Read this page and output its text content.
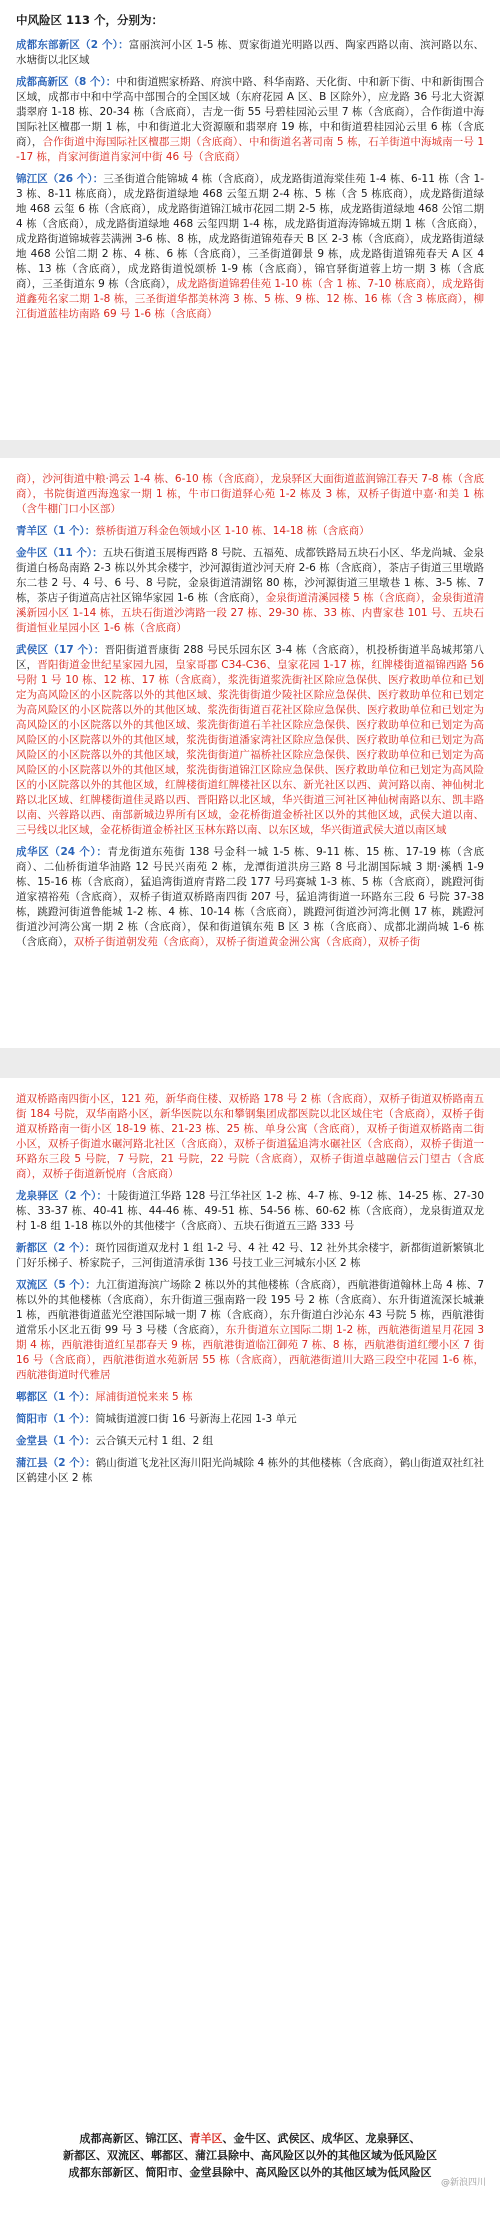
中风险区 113 个，分别为：

成都东部新区（2 个）：富丽滨河小区 1-5 栋、贾家街道光明路以西、陶家西路以南、滨河路以东、水塘街以北区域

成都高新区（8 个）：中和街道熙家桥路、府滨中路、科华南路、天化街、中和新下街、中和新街围合区域，成都市中和中学高中部围合的全国区域（东府花园 A 区、B 区除外），应龙路 36 号北大资源翡翠府 1-18 栋、20-34 栋（含底商），吉龙一街 55 号碧桂园沁云里 7 栋（含底商），合作街道中海国际社区檀郡一期 1 栋，中和街道北大资源颐和翡翠府 19 栋，中和街道碧桂园沁云里 6 栋（含底商），合作街道中海国际社区檀郡三期（含底商）、中和街道名著司南 5 栋，石羊街道中海城南一号 1-17 栋，肖家河街道肖家河中街 46 号（含底商）

锦江区（26 个）：三圣街道合能锦城 4 栋（含底商），成龙路街道海棠佳苑 1-4 栋、6-11 栋（含 1-3 栋、8-11 栋底商），成龙路街道绿地 468 云玺五期 2-4 栋、5 栋（含 5 栋底商），成龙路街道绿地 468 云玺 6 栋（含底商），成龙路街道锦江城市花园二期 2-5 栋，成龙路街道绿地 468 公馆二期 4 栋（含底商），成龙路街道绿地 468 云玺四期 1-4 栋，成龙路街道海涛锦城五期 1 栋（含底商），成龙路街道锦城蓉芸满洲 3-6 栋、8 栋，成龙路街道锦苑春天 B 区 2-3 栋（含底商），成龙路街道绿地 468 公馆二期 2 栋、4 栋、6 栋（含底商），三圣街道御景 9 栋，成龙路街道锦苑春天 A 区 4 栋、13 栋（含底商），成龙路街道悦颂桥 1-9 栋（含底商），锦官驿街道蓉上坊一期 3 栋（含底商），三圣街道东 9 栋（含底商），成龙路街道锦碧佳苑 1-10 栋（含 1 栋、7-10 栋底商），成龙路街道鑫苑名家二期 1-8 栋，三圣街道华都美林湾 3 栋、5 栋、9 栋、12 栋、16 栋（含 3 栋底商），柳江街道蓝桂坊南路 69 号 1-6 栋（含底商）

商），沙河街道中粮·鸿云 1-4 栋、6-10 栋（含底商），龙泉驿区大面街道蓝润锦江春天 7-8 栋（含底商），书院街道西海逸家一期 1 栋，牛市口街道驿心苑 1-2 栋及 3 栋，双桥子街道中嘉·和美 1 栋（含牛棚门口小区部）

青羊区（1 个）：蔡桥街道万科金色领域小区 1-10 栋、14-18 栋（含底商）

金牛区（11 个）：五块石街道玉展梅西路 8 号院、五福苑、成都铁路局五块石小区、华龙尚城、金泉街道白杨岛南路 2-3 栋以外其余楼宇，沙河源街道沙河天府 2-6 栋（含底商），茶店子街道三里墩路东二巷 2 号、4 号、6 号、8 号院，金泉街道清湖铭 80 栋，沙河源街道三里墩巷 1 栋、3-5 栋、7 栋，茶店子街道高店社区锦华家园 1-6 栋（含底商），金泉街道清溪园楼 5 栋（含底商），金泉街道清溪新园小区 1-14 栋，五块石街道沙湾路一段 27 栋、29-30 栋、33 栋、内曹家巷 101 号、五块石街道恒业星园小区 1-6 栋（含底商）

武侯区（17 个）：晋阳街道晋康街 288 号民乐园东区 3-4 栋（含底商），机投桥街道半岛城邦第八区，晋阳街道金世纪星家园九园，皇家哥郡 C34-C36、皇家花园 1-17 栋，红牌楼街道福锦西路 56 号附 1 号 10 栋、12 栋、17 栋（含底商），浆洗街道浆洗街社区除应急保供、医疗救助单位和已划定为高风险区的小区院落以外的其他区域、浆洗街街道少陵社区除应急保供、医疗救助单位和已划定为高风险区的小区院落以外的其他区域、浆洗街街道百花社区除应急保供、医疗救助单位和已划定为高风险区的小区院落以外的其他区域、浆洗街街道石羊社区除应急保供、医疗救助单位和已划定为高风险区的小区院落以外的其他区域，浆洗街街道潘家湾社区除应急保供、医疗救助单位和已划定为高风险区的小区院落以外的其他区域，浆洗街街道广福桥社区除应急保供、医疗救助单位和已划定为高风险区的小区院落以外的其他区域，浆洗街街道锦江区除应急保供、医疗救助单位和已划定为高风险区的小区院落以外的其他区域，红牌楼街道红牌楼社区以东、新光社区以西、黄河路以南、神仙树北路以北区域、红牌楼街道佳灵路以西、晋阳路以北区域，华兴街道三河社区神仙树南路以东、凯丰路以南、兴蓉路以西、南部新城边界所有区域，金花桥街道金桥社区以外的其他区域，武侯大道以南、三号线以北区域，金花桥街道金桥社区玉林东路以南、以东区域，华兴街道武侯大道以南区域

成华区（24 个）：青龙街道东苑街 138 号金科一城 1-5 栋、9-11 栋、15 栋、17-19 栋（含底商）、二仙桥街道华油路 12 号民兴南苑 2 栋，龙潭街道洪房三路 8 号北湖国际城 3 期·溪栖 1-9 栋、15-16 栋（含底商），猛追湾街道府青路二段 177 号玛赛城 1-3 栋、5 栋（含底商），跳蹬河街道家禧裕苑（含底商），双桥子街道双桥路南四街 207 号，猛追湾街道一环路东三段 6 号院 37-38 栋，跳蹬河街道鲁能城 1-2 栋、4 栋、10-14 栋（含底商），跳蹬河街道沙河湾北侧 17 栋，跳蹬河街道沙河湾公寓一期 2 栋（含底商），保和街道镇东苑 B 区 3 栋（含底商）、成都北湖尚城 1-6 栋（含底商），双桥子街道朝发苑（含底商），双桥子街道黄金洲公寓（含底商），双桥子街

道双桥路南四街小区，121 苑，新华商住楼、双桥路 178 号 2 栋（含底商），双桥子街道双桥路南五街 184 号院，双华南路小区，新华医院以东和攀钢集团成都医院以北区域住宅（含底商），双桥子街道双桥路南一街小区 18-19 栋、21-23 栋、25 栋、单身公寓（含底商），双桥子街道双桥路南二街小区，双桥子街道水碾河路北社区（含底商），双桥子街道猛追湾水碾社区（含底商），双桥子街道一环路东三段 5 号院，7 号院，21 号院，22 号院（含底商），双桥子街道卓越融信云门望古（含底商），双桥子街道新悦府（含底商）

龙泉驿区（2 个）：十陵街道江华路 128 号江华社区 1-2 栋、4-7 栋、9-12 栋、14-25 栋、27-30 栋、33-37 栋、40-41 栋、44-46 栋、49-51 栋、54-56 栋、60-62 栋（含底商），龙泉街道双龙村 1-8 组 1-18 栋以外的其他楼宇（含底商）、五块石街道五三路 333 号

新都区（2 个）：斑竹园街道双龙村 1 组 1-2 号、4 社 42 号、12 社外其余楼宇，新都街道新繁镇北门好乐梯子、桥家院子，三河街道清承街 136 号技工业三河城东小区 2 栋

双流区（5 个）：九江街道海滨广场除 2 栋以外的其他楼栋（含底商），西航港街道翰林上岛 4 栋、7 栋以外的其他楼栋（含底商），东升街道三强南路一段 195 号 2 栋（含底商）、东升街道流深长城兼 1 栋，西航港街道蓝光空港国际城一期 7 栋（含底商），东升街道白沙沁东 43 号院 5 栋，西航港街道常乐小区北五街 99 号 3 号楼（含底商），东升街道东立国际二期 1-2 栋，西航港街道星月花园 3 期 4 栋，西航港街道红星郡春天 9 栋，西航港街道临江御苑 7 栋、8 栋，西航港街道红缨小区 7 街 16 号（含底商），西航港街道水苑新居 55 栋（含底商），西航港街道川大路三段空中花园 1-6 栋，西航港街道时代雅居

郫都区（1 个）：犀浦街道悦来来 5 栋

简阳市（1 个）：简城街道渡口街 16 号新海上花园 1-3 单元

金堂县（1 个）：云合镇天元村 1 组、2 组

蒲江县（2 个）：鹤山街道飞龙社区海川阳光尚城除 4 栋外的其他楼栋（含底商），鹤山街道双社红社区鹤建小区 2 栋

成都高新区、锦江区、青羊区、金牛区、武侯区、成华区、龙泉驿区、

新都区、双流区、郫都区、蒲江县除中、高风险区以外的其他区域为低风险区

成都东部新区、简阳市、金堂县除中、高风险区以外的其他区域为低风险区

@新浪四川
